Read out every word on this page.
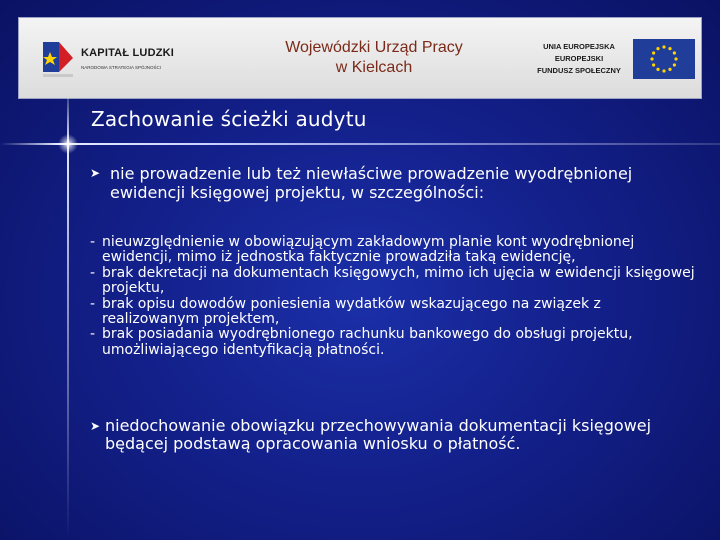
KAPITAŁ LUDZKI
NARODOWA STRATEGIA SPÓJNOŚCI
Wojewódzki Urząd Pracy
w Kielcach
UNIA EUROPEJSKA
EUROPEJSKI
FUNDUSZ SPOŁECZNY
Zachowanie ścieżki audytu
➤ nie prowadzenie lub też niewłaściwe prowadzenie wyodrębnionej ewidencji księgowej projektu, w szczególności:
- nieuwzględnienie w obowiązującym zakładowym planie kont wyodrębnionej ewidencji, mimo iż jednostka faktycznie prowadziła taką ewidencję,
- brak dekretacji na dokumentach księgowych, mimo ich ujęcia w ewidencji księgowej projektu,
- brak opisu dowodów poniesienia wydatków wskazującego na związek z realizowanym projektem,
- brak posiadania wyodrębnionego rachunku bankowego do obsługi projektu, umożliwiającego identyfikacją płatności.
➤ niedochowanie obowiązku przechowywania dokumentacji księgowej będącej podstawą opracowania wniosku o płatność.
